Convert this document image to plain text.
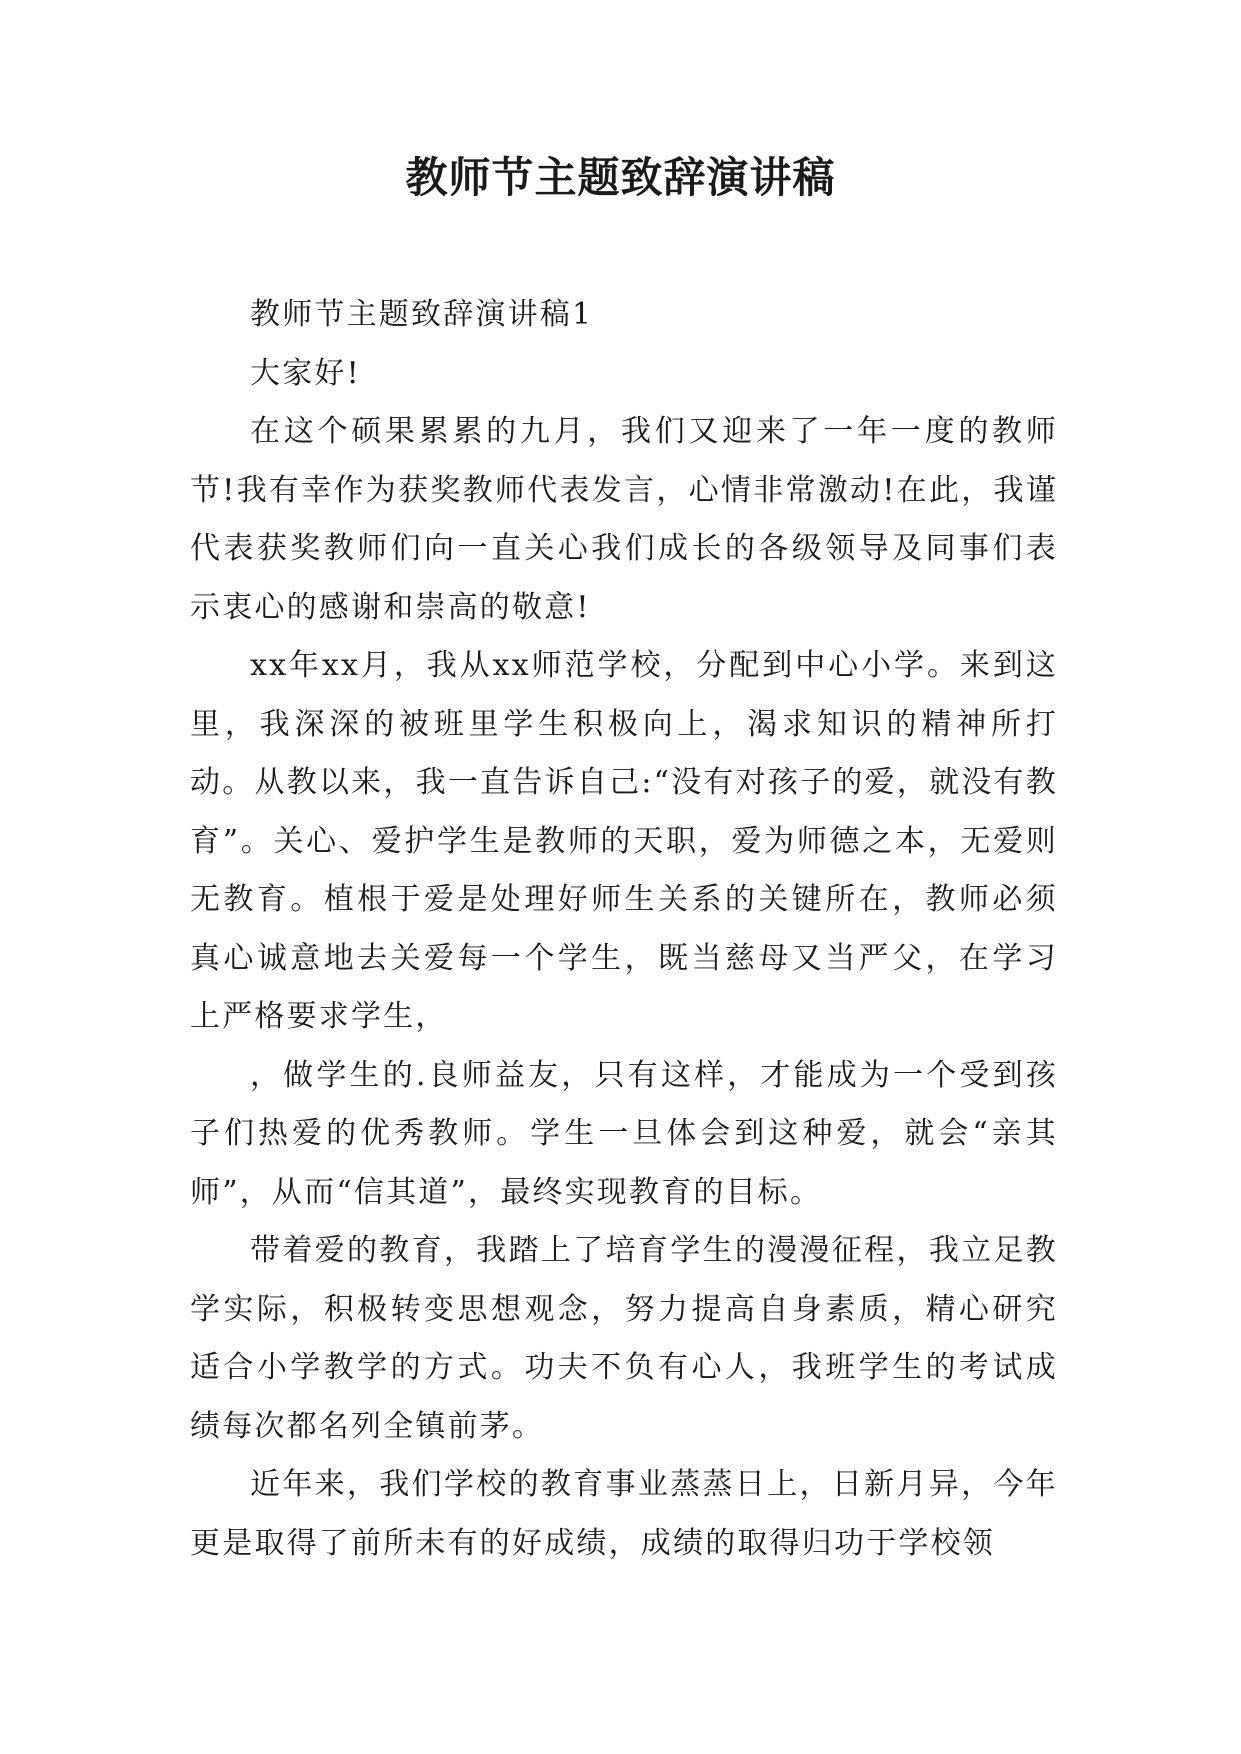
教师节主题致辞演讲稿

教师节主题致辞演讲稿1

大家好!

在这个硕果累累的九月，我们又迎来了一年一度的教师节!我有幸作为获奖教师代表发言，心情非常激动!在此，我谨代表获奖教师们向一直关心我们成长的各级领导及同事们表示衷心的感谢和崇高的敬意!

xx年xx月，我从xx师范学校，分配到中心小学。来到这里，我深深的被班里学生积极向上，渴求知识的精神所打动。从教以来，我一直告诉自己:“没有对孩子的爱，就没有教育”。关心、爱护学生是教师的天职，爱为师德之本，无爱则无教育。植根于爱是处理好师生关系的关键所在，教师必须真心诚意地去关爱每一个学生，既当慈母又当严父，在学习上严格要求学生，

，做学生的.良师益友，只有这样，才能成为一个受到孩子们热爱的优秀教师。学生一旦体会到这种爱，就会“亲其师”，从而“信其道”，最终实现教育的目标。

带着爱的教育，我踏上了培育学生的漫漫征程，我立足教学实际，积极转变思想观念，努力提高自身素质，精心研究适合小学教学的方式。功夫不负有心人，我班学生的考试成绩每次都名列全镇前茅。

近年来，我们学校的教育事业蒸蒸日上，日新月异，今年更是取得了前所未有的好成绩，成绩的取得归功于学校领
